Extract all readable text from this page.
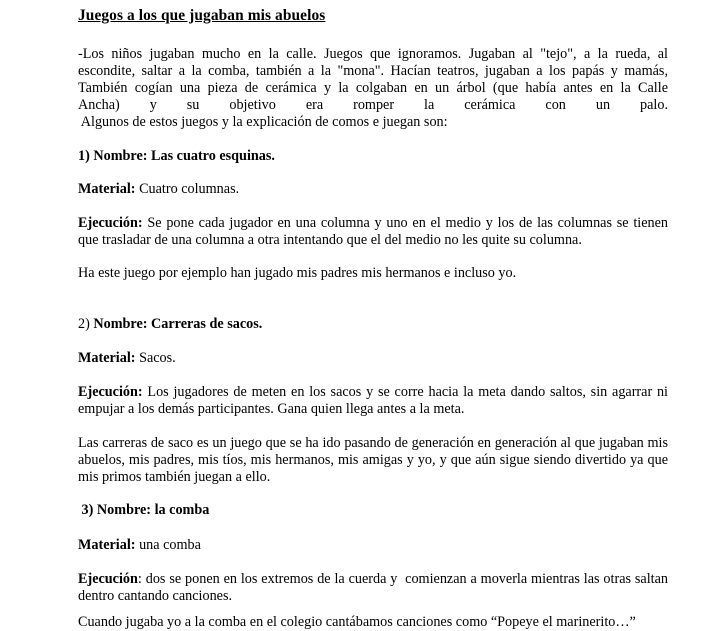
Juegos a los que jugaban mis abuelos

-Los niños jugaban mucho en la calle. Juegos que ignoramos. Jugaban al "tejo", a la rueda, al

escondite, saltar a la comba, también a la "mona". Hacían teatros, jugaban a los papás y mamás,

También cogían una pieza de cerámica y la colgaban en un árbol (que había antes en la Calle

Ancha) y su objetivo era romper la cerámica con un palo.

Algunos de estos juegos y la explicación de comos e juegan son:

1) Nombre: Las cuatro esquinas.

Material: Cuatro columnas.

Ejecución: Se pone cada jugador en una columna y uno en el medio y los de las columnas se tienen que trasladar de una columna a otra intentando que el del medio no les quite su columna.

Ha este juego por ejemplo han jugado mis padres mis hermanos e incluso yo.

2) Nombre: Carreras de sacos.

Material: Sacos.

Ejecución: Los jugadores de meten en los sacos y se corre hacia la meta dando saltos, sin agarrar ni empujar a los demás participantes. Gana quien llega antes a la meta.

Las carreras de saco es un juego que se ha ido pasando de generación en generación al que jugaban mis abuelos, mis padres, mis tíos, mis hermanos, mis amigas y yo, y que aún sigue siendo divertido ya que mis primos también juegan a ello.

3) Nombre: la comba

Material: una comba

Ejecución: dos se ponen en los extremos de la cuerda y  comienzan a moverla mientras las otras saltan dentro cantando canciones.

Cuando jugaba yo a la comba en el colegio cantábamos canciones como “Popeye el marinerito…”
